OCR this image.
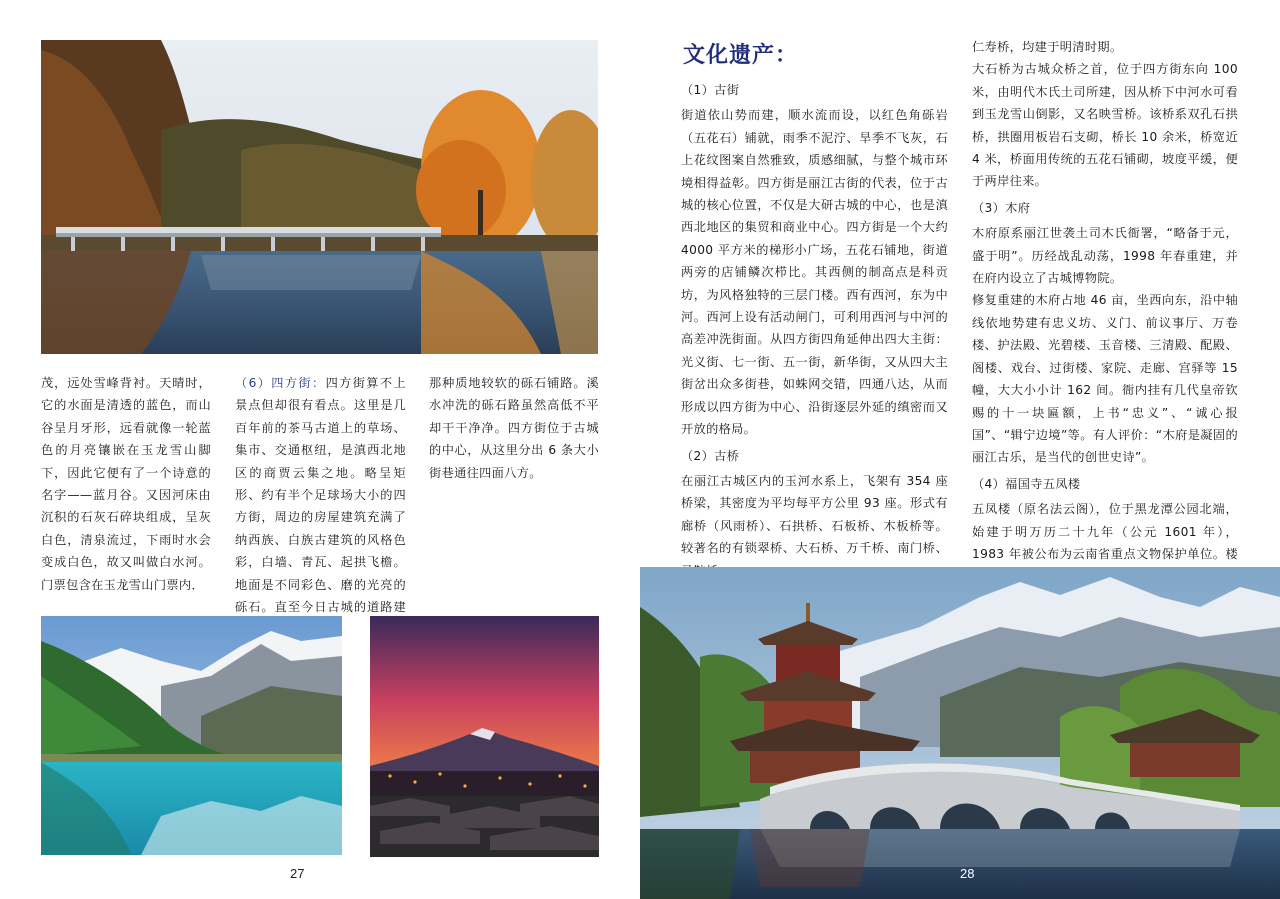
茂，远处雪峰背衬。天晴时，它的水面是清透的蓝色，而山谷呈月牙形，远看就像一轮蓝色的月亮镶嵌在玉龙雪山脚下，因此它便有了一个诗意的名字——蓝月谷。又因河床由沉积的石灰石碎块组成，呈灰白色，清泉流过，下雨时水会变成白色，故又叫做白水河。门票包含在玉龙雪山门票内．

（6）四方街：四方街算不上景点但却很有看点。这里是几百年前的茶马古道上的草场、集市、交通枢纽，是滇西北地区的商贾云集之地。略呈矩形、约有半个足球场大小的四方街，周边的房屋建筑充满了纳西族、白族古建筑的风格色彩，白墙、青瓦、起拱飞檐。地面是不同彩色、磨的光亮的砾石。直至今日古城的道路建

那种质地较软的砾石铺路。溪水冲洗的砾石路虽然高低不平却干干净净。四方街位于古城的中心，从这里分出 6 条大小街巷通往四面八方。

27
文化遗产：

（1）古街

街道依山势而建，顺水流而设，以红色角砾岩（五花石）铺就，雨季不泥泞、旱季不飞灰，石上花纹图案自然雅致，质感细腻，与整个城市环境相得益彰。四方街是丽江古街的代表，位于古城的核心位置，不仅是大研古城的中心，也是滇西北地区的集贸和商业中心。四方街是一个大约 4000 平方米的梯形小广场，五花石铺地，街道两旁的店铺鳞次栉比。其西侧的制高点是科贡坊，为风格独特的三层门楼。西有西河，东为中河。西河上设有活动闸门，可利用西河与中河的高差冲洗街面。从四方街四角延伸出四大主街：光义街、七一街、五一街，新华街，又从四大主街岔出众多街巷，如蛛网交错，四通八达，从而形成以四方街为中心、沿街逐层外延的缜密而又开放的格局。

（2）古桥

在丽江古城区内的玉河水系上，飞架有 354 座桥梁，其密度为平均每平方公里 93 座。形式有廊桥（风雨桥）、石拱桥、石板桥、木板桥等。较著名的有锁翠桥、大石桥、万千桥、南门桥、

仁寿桥，均建于明清时期。

大石桥为古城众桥之首，位于四方街东向 100 米，由明代木氏土司所建，因从桥下中河水可看到玉龙雪山倒影，又名映雪桥。该桥系双孔石拱桥，拱圈用板岩石支砌，桥长 10 余米，桥宽近 4 米，桥面用传统的五花石铺砌，坡度平缓，便于两岸往来。

（3）木府

木府原系丽江世袭土司木氏衙署，“略备于元，盛于明”。历经战乱动荡，1998 年春重建，并在府内设立了古城博物院。

修复重建的木府占地 46 亩，坐西向东，沿中轴线依地势建有忠义坊、义门、前议事厅、万卷楼、护法殿、光碧楼、玉音楼、三清殿、配殿、阁楼、戏台、过街楼、家院、走廊、宫驿等 15 幢，大大小小计 162 间。衙内挂有几代皇帝钦赐的十一块匾额，上书“忠义”、“诚心报国”、“辑宁边境”等。有人评价：“木府是凝固的丽江古乐，是当代的创世史诗”。

（4）福国寺五凤楼

五凤楼（原名法云阁），位于黑龙潭公园北端，始建于明万历二十九年（公元 1601 年），1983 年被公布为云南省重点文物保护单位。楼

28
